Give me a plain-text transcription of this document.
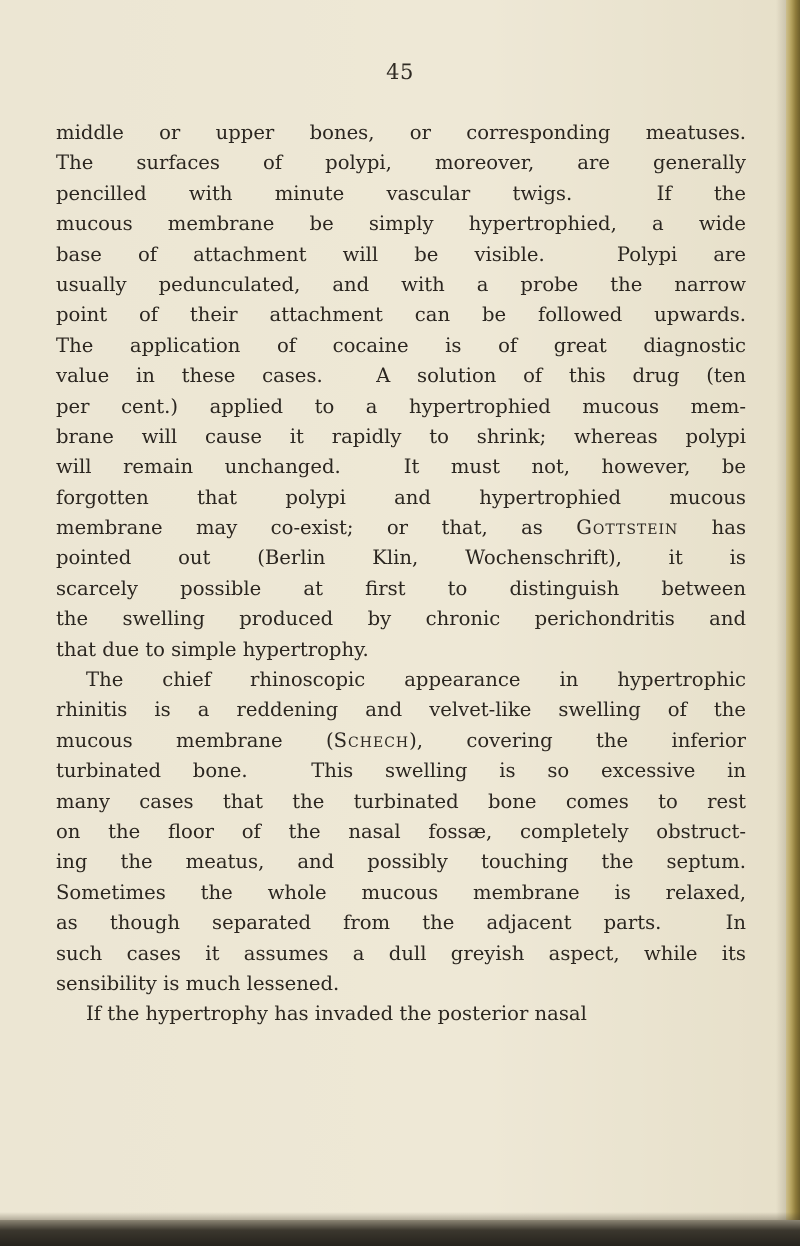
45
middle or upper bones, or corresponding meatuses.
The surfaces of polypi, moreover, are generally
pencilled with minute vascular twigs.  If the
mucous membrane be simply hypertrophied, a wide
base of attachment will be visible.  Polypi are
usually pedunculated, and with a probe the narrow
point of their attachment can be followed upwards.
The application of cocaine is of great diagnostic
value in these cases.  A solution of this drug (ten
per cent.) applied to a hypertrophied mucous mem-
brane will cause it rapidly to shrink; whereas polypi
will remain unchanged.  It must not, however, be
forgotten that polypi and hypertrophied mucous
membrane may co-exist; or that, as Gottstein has
pointed out (Berlin Klin, Wochenschrift), it is
scarcely possible at first to distinguish between
the swelling produced by chronic perichondritis and
that due to simple hypertrophy.
The chief rhinoscopic appearance in hypertrophic
rhinitis is a reddening and velvet-like swelling of the
mucous membrane (Schech), covering the inferior
turbinated bone.  This swelling is so excessive in
many cases that the turbinated bone comes to rest
on the floor of the nasal fossæ, completely obstruct-
ing the meatus, and possibly touching the septum.
Sometimes the whole mucous membrane is relaxed,
as though separated from the adjacent parts.  In
such cases it assumes a dull greyish aspect, while its
sensibility is much lessened.
If the hypertrophy has invaded the posterior nasal
